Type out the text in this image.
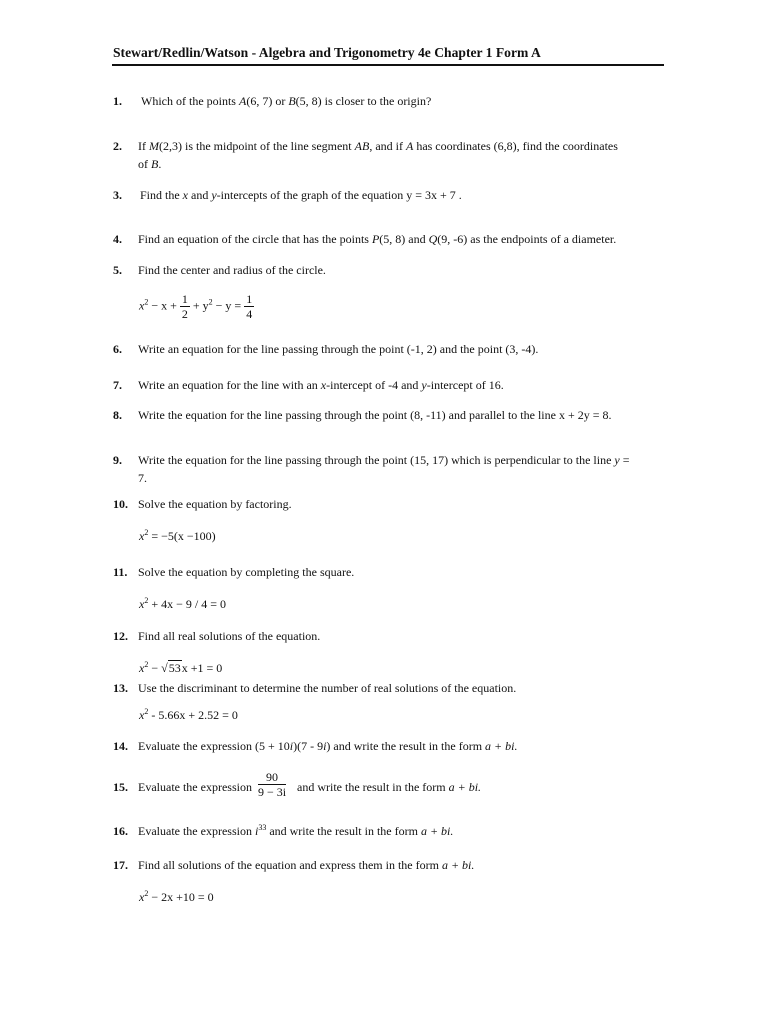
Stewart/Redlin/Watson - Algebra and Trigonometry 4e Chapter 1 Form A
1. Which of the points A(6, 7) or B(5, 8) is closer to the origin?
2. If M(2,3) is the midpoint of the line segment AB, and if A has coordinates (6,8), find the coordinates
of B.
3. Find the x and y-intercepts of the graph of the equation y = 3x + 7 .
4. Find an equation of the circle that has the points P(5, 8) and Q(9, -6) as the endpoints of a diameter.
5. Find the center and radius of the circle.
$x^2 - x + \frac{1}{2} + y^2 - y = \frac{1}{4}$
6. Write an equation for the line passing through the point (-1, 2) and the point (3, -4).
7. Write an equation for the line with an x-intercept of -4 and y-intercept of 16.
8. Write the equation for the line passing through the point (8, -11) and parallel to the line x + 2y = 8.
9. Write the equation for the line passing through the point (15, 17) which is perpendicular to the line y =
7.
10. Solve the equation by factoring.
$x^2 = -5(x -100)$
11. Solve the equation by completing the square.
$x^2 + 4x - 9 / 4 = 0$
12. Find all real solutions of the equation.
$x^2 - √53x +1 = 0$
13. Use the discriminant to determine the number of real solutions of the equation.
$x^2 - 5.66x + 2.52 = 0$
14. Evaluate the expression (5 + 10i)(7 - 9i) and write the result in the form a + bi.
15. Evaluate the expression $\frac{90}{9 - 3i}$ and write the result in the form a + bi.
16. Evaluate the expression $i^{33}$ and write the result in the form a + bi.
17. Find all solutions of the equation and express them in the form a + bi.
$x^2 - 2x +10 = 0$
